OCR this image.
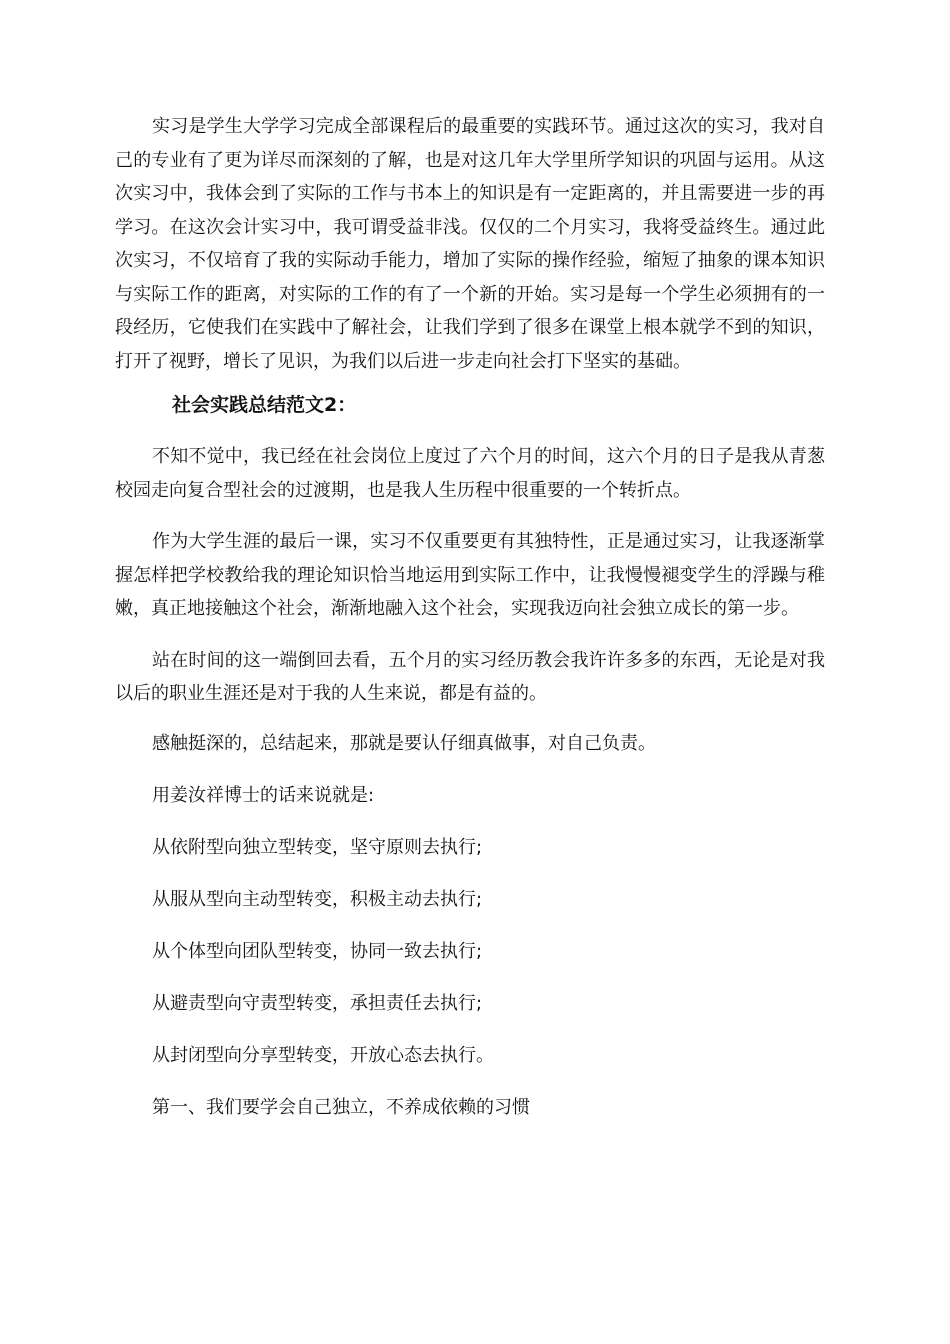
实习是学生大学学习完成全部课程后的最重要的实践环节。通过这次的实习，我对自己的专业有了更为详尽而深刻的了解，也是对这几年大学里所学知识的巩固与运用。从这次实习中，我体会到了实际的工作与书本上的知识是有一定距离的，并且需要进一步的再学习。在这次会计实习中，我可谓受益非浅。仅仅的二个月实习，我将受益终生。通过此次实习，不仅培育了我的实际动手能力，增加了实际的操作经验，缩短了抽象的课本知识与实际工作的距离，对实际的工作的有了一个新的开始。实习是每一个学生必须拥有的一段经历，它使我们在实践中了解社会，让我们学到了很多在课堂上根本就学不到的知识，打开了视野，增长了见识，为我们以后进一步走向社会打下坚实的基础。

社会实践总结范文2：

不知不觉中，我已经在社会岗位上度过了六个月的时间，这六个月的日子是我从青葱校园走向复合型社会的过渡期，也是我人生历程中很重要的一个转折点。

作为大学生涯的最后一课，实习不仅重要更有其独特性，正是通过实习，让我逐渐掌握怎样把学校教给我的理论知识恰当地运用到实际工作中，让我慢慢褪变学生的浮躁与稚嫩，真正地接触这个社会，渐渐地融入这个社会，实现我迈向社会独立成长的第一步。

站在时间的这一端倒回去看，五个月的实习经历教会我许许多多的东西，无论是对我以后的职业生涯还是对于我的人生来说，都是有益的。

感触挺深的，总结起来，那就是要认仔细真做事，对自己负责。
用姜汝祥博士的话来说就是:
从依附型向独立型转变，坚守原则去执行;
从服从型向主动型转变，积极主动去执行;
从个体型向团队型转变，协同一致去执行;
从避责型向守责型转变，承担责任去执行;
从封闭型向分享型转变，开放心态去执行。
第一、我们要学会自己独立，不养成依赖的习惯
